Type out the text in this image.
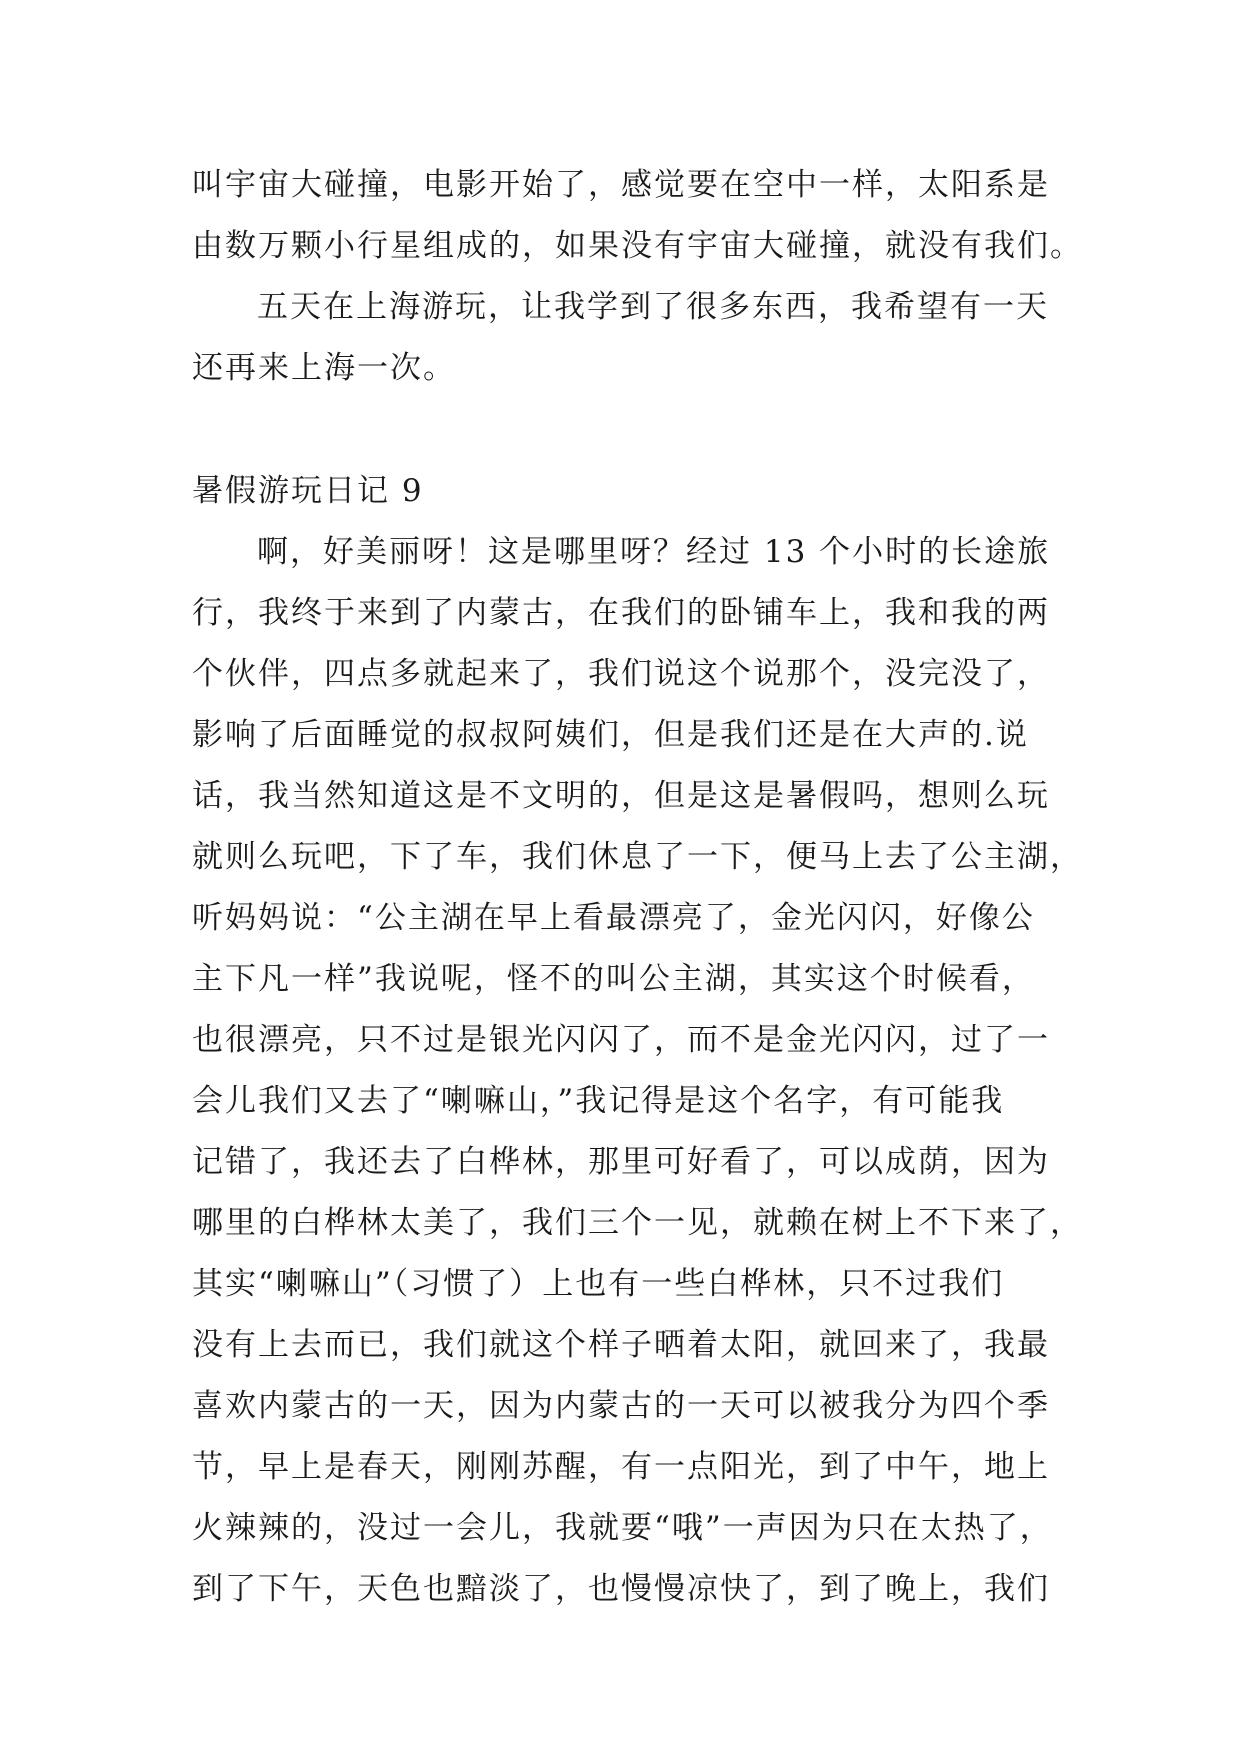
叫宇宙大碰撞，电影开始了，感觉要在空中一样，太阳系是
由数万颗小行星组成的，如果没有宇宙大碰撞，就没有我们。
五天在上海游玩，让我学到了很多东西，我希望有一天
还再来上海一次。
暑假游玩日记 9
啊，好美丽呀！这是哪里呀？经过 13 个小时的长途旅
行，我终于来到了内蒙古，在我们的卧铺车上，我和我的两
个伙伴，四点多就起来了，我们说这个说那个，没完没了，
影响了后面睡觉的叔叔阿姨们，但是我们还是在大声的.说
话，我当然知道这是不文明的，但是这是暑假吗，想则么玩
就则么玩吧，下了车，我们休息了一下，便马上去了公主湖，
听妈妈说：“公主湖在早上看最漂亮了，金光闪闪，好像公
主下凡一样”我说呢，怪不的叫公主湖，其实这个时候看，
也很漂亮，只不过是银光闪闪了，而不是金光闪闪，过了一
会儿我们又去了“喇嘛山，”我记得是这个名字，有可能我
记错了，我还去了白桦林，那里可好看了，可以成荫，因为
哪里的白桦林太美了，我们三个一见，就赖在树上不下来了，
其实“喇嘛山”（习惯了）上也有一些白桦林，只不过我们
没有上去而已，我们就这个样子晒着太阳，就回来了，我最
喜欢内蒙古的一天，因为内蒙古的一天可以被我分为四个季
节，早上是春天，刚刚苏醒，有一点阳光，到了中午，地上
火辣辣的，没过一会儿，我就要“哦”一声因为只在太热了，
到了下午，天色也黯淡了，也慢慢凉快了，到了晚上，我们
